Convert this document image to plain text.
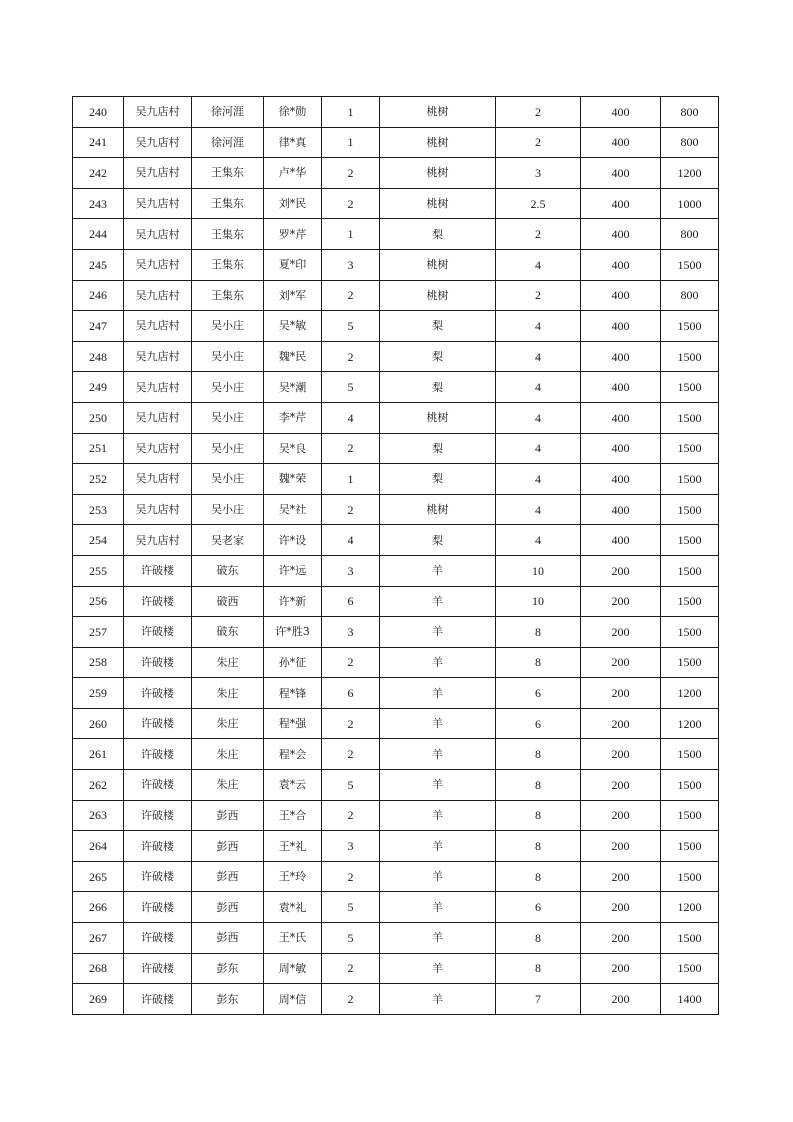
240	吴九店村	徐河涯	徐*勋	1	桃树	2	400	800
241	吴九店村	徐河涯	律*真	1	桃树	2	400	800
242	吴九店村	王集东	卢*华	2	桃树	3	400	1200
243	吴九店村	王集东	刘*民	2	桃树	2.5	400	1000
244	吴九店村	王集东	罗*芹	1	梨	2	400	800
245	吴九店村	王集东	夏*印	3	桃树	4	400	1500
246	吴九店村	王集东	刘*军	2	桃树	2	400	800
247	吴九店村	吴小庄	吴*敏	5	梨	4	400	1500
248	吴九店村	吴小庄	魏*民	2	梨	4	400	1500
249	吴九店村	吴小庄	吴*潮	5	梨	4	400	1500
250	吴九店村	吴小庄	李*芹	4	桃树	4	400	1500
251	吴九店村	吴小庄	吴*良	2	梨	4	400	1500
252	吴九店村	吴小庄	魏*荣	1	梨	4	400	1500
253	吴九店村	吴小庄	吴*社	2	桃树	4	400	1500
254	吴九店村	吴老家	许*设	4	梨	4	400	1500
255	许破楼	破东	许*远	3	羊	10	200	1500
256	许破楼	破西	许*新	6	羊	10	200	1500
257	许破楼	破东	许*胜3	3	羊	8	200	1500
258	许破楼	朱庄	孙*征	2	羊	8	200	1500
259	许破楼	朱庄	程*锋	6	羊	6	200	1200
260	许破楼	朱庄	程*强	2	羊	6	200	1200
261	许破楼	朱庄	程*会	2	羊	8	200	1500
262	许破楼	朱庄	袁*云	5	羊	8	200	1500
263	许破楼	彭西	王*合	2	羊	8	200	1500
264	许破楼	彭西	王*礼	3	羊	8	200	1500
265	许破楼	彭西	王*玲	2	羊	8	200	1500
266	许破楼	彭西	袁*礼	5	羊	6	200	1200
267	许破楼	彭西	王*氏	5	羊	8	200	1500
268	许破楼	彭东	周*敏	2	羊	8	200	1500
269	许破楼	彭东	周*信	2	羊	7	200	1400
